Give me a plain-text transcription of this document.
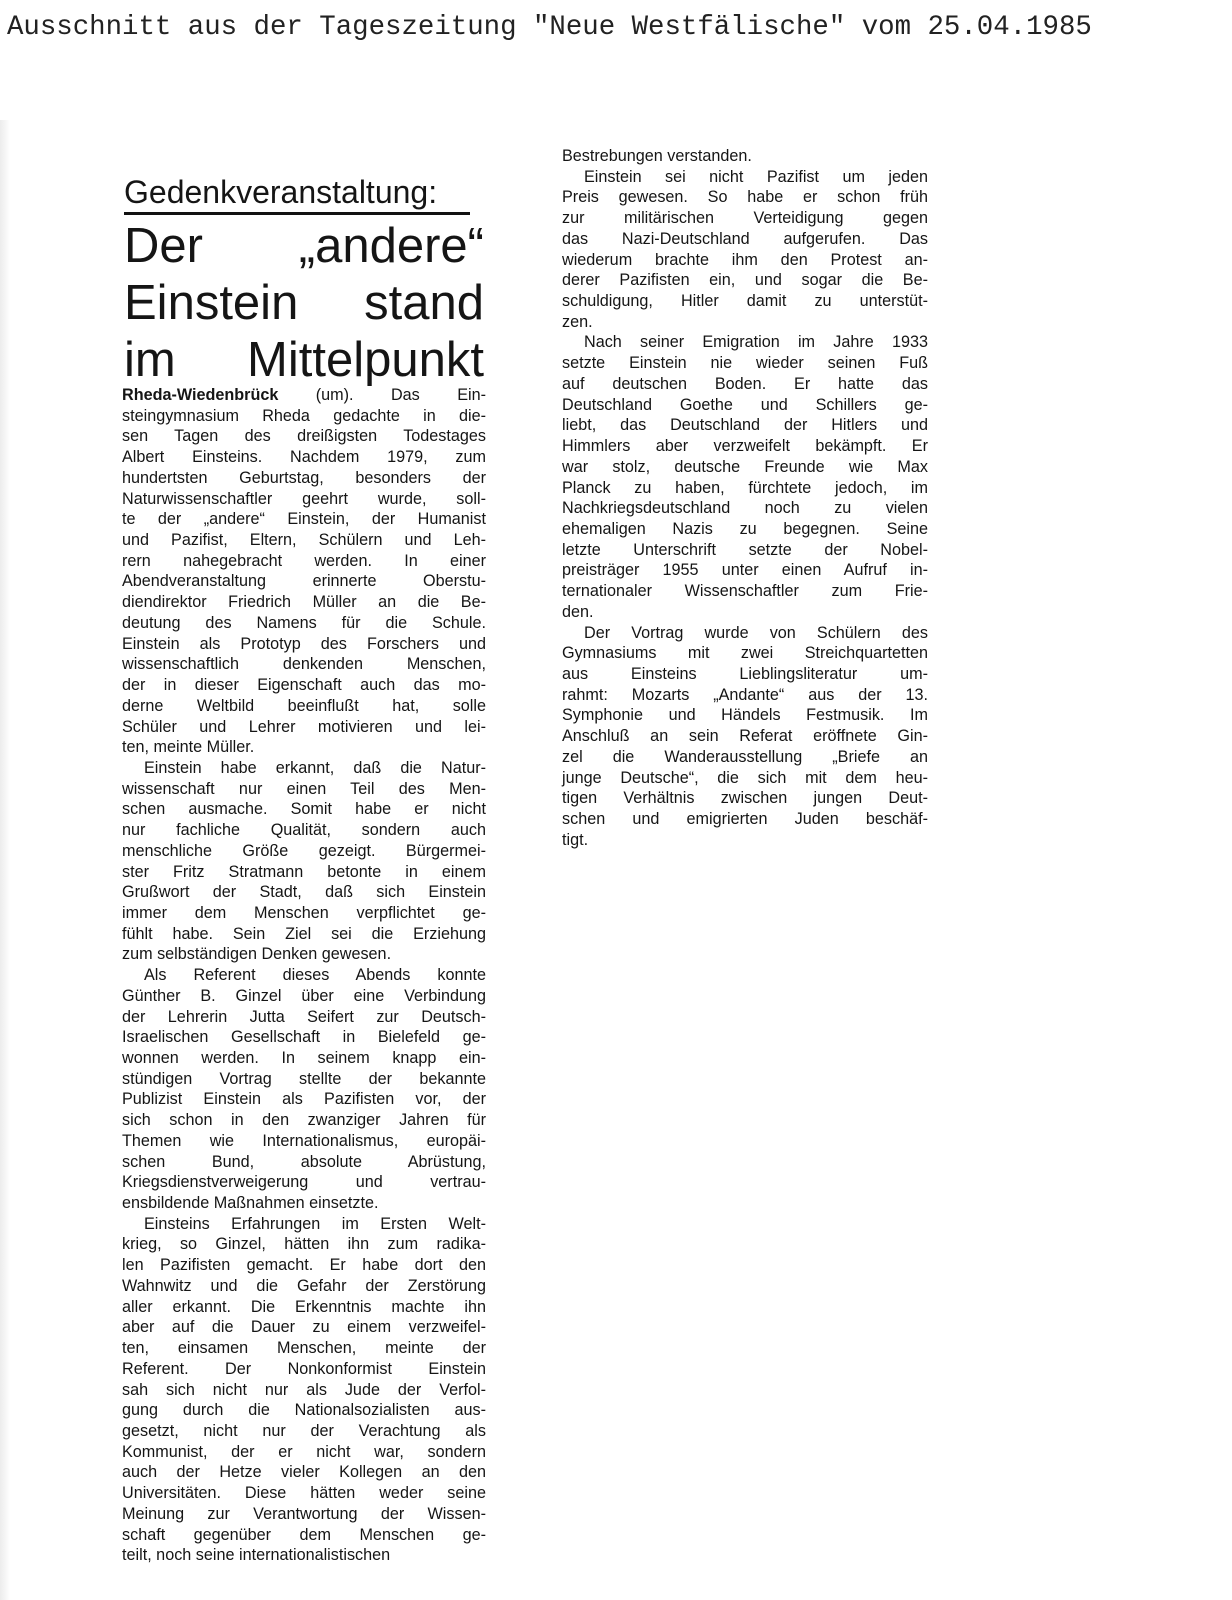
Ausschnitt aus der Tageszeitung "Neue Westfälische" vom 25.04.1985

Gedenkveranstaltung:
Der „andere“
Einstein stand
im Mittelpunkt
Rheda-Wiedenbrück (um). Das Ein-
steingymnasium Rheda gedachte in die-
sen Tagen des dreißigsten Todestages
Albert Einsteins. Nachdem 1979, zum
hundertsten Geburtstag, besonders der
Naturwissenschaftler geehrt wurde, soll-
te der „andere“ Einstein, der Humanist
und Pazifist, Eltern, Schülern und Leh-
rern nahegebracht werden. In einer
Abendveranstaltung erinnerte Oberstu-
diendirektor Friedrich Müller an die Be-
deutung des Namens für die Schule.
Einstein als Prototyp des Forschers und
wissenschaftlich denkenden Menschen,
der in dieser Eigenschaft auch das mo-
derne Weltbild beeinflußt hat, solle
Schüler und Lehrer motivieren und lei-
ten, meinte Müller.
Einstein habe erkannt, daß die Natur-
wissenschaft nur einen Teil des Men-
schen ausmache. Somit habe er nicht
nur fachliche Qualität, sondern auch
menschliche Größe gezeigt. Bürgermei-
ster Fritz Stratmann betonte in einem
Grußwort der Stadt, daß sich Einstein
immer dem Menschen verpflichtet ge-
fühlt habe. Sein Ziel sei die Erziehung
zum selbständigen Denken gewesen.
Als Referent dieses Abends konnte
Günther B. Ginzel über eine Verbindung
der Lehrerin Jutta Seifert zur Deutsch-
Israelischen Gesellschaft in Bielefeld ge-
wonnen werden. In seinem knapp ein-
stündigen Vortrag stellte der bekannte
Publizist Einstein als Pazifisten vor, der
sich schon in den zwanziger Jahren für
Themen wie Internationalismus, europäi-
schen Bund, absolute Abrüstung,
Kriegsdienstverweigerung und vertrau-
ensbildende Maßnahmen einsetzte.
Einsteins Erfahrungen im Ersten Welt-
krieg, so Ginzel, hätten ihn zum radika-
len Pazifisten gemacht. Er habe dort den
Wahnwitz und die Gefahr der Zerstörung
aller erkannt. Die Erkenntnis machte ihn
aber auf die Dauer zu einem verzweifel-
ten, einsamen Menschen, meinte der
Referent. Der Nonkonformist Einstein
sah sich nicht nur als Jude der Verfol-
gung durch die Nationalsozialisten aus-
gesetzt, nicht nur der Verachtung als
Kommunist, der er nicht war, sondern
auch der Hetze vieler Kollegen an den
Universitäten. Diese hätten weder seine
Meinung zur Verantwortung der Wissen-
schaft gegenüber dem Menschen ge-
teilt, noch seine internationalistischen
Bestrebungen verstanden.
Einstein sei nicht Pazifist um jeden
Preis gewesen. So habe er schon früh
zur militärischen Verteidigung gegen
das Nazi-Deutschland aufgerufen. Das
wiederum brachte ihm den Protest an-
derer Pazifisten ein, und sogar die Be-
schuldigung, Hitler damit zu unterstüt-
zen.
Nach seiner Emigration im Jahre 1933
setzte Einstein nie wieder seinen Fuß
auf deutschen Boden. Er hatte das
Deutschland Goethe und Schillers ge-
liebt, das Deutschland der Hitlers und
Himmlers aber verzweifelt bekämpft. Er
war stolz, deutsche Freunde wie Max
Planck zu haben, fürchtete jedoch, im
Nachkriegsdeutschland noch zu vielen
ehemaligen Nazis zu begegnen. Seine
letzte Unterschrift setzte der Nobel-
preisträger 1955 unter einen Aufruf in-
ternationaler Wissenschaftler zum Frie-
den.
Der Vortrag wurde von Schülern des
Gymnasiums mit zwei Streichquartetten
aus Einsteins Lieblingsliteratur um-
rahmt: Mozarts „Andante“ aus der 13.
Symphonie und Händels Festmusik. Im
Anschluß an sein Referat eröffnete Gin-
zel die Wanderausstellung „Briefe an
junge Deutsche“, die sich mit dem heu-
tigen Verhältnis zwischen jungen Deut-
schen und emigrierten Juden beschäf-
tigt.
